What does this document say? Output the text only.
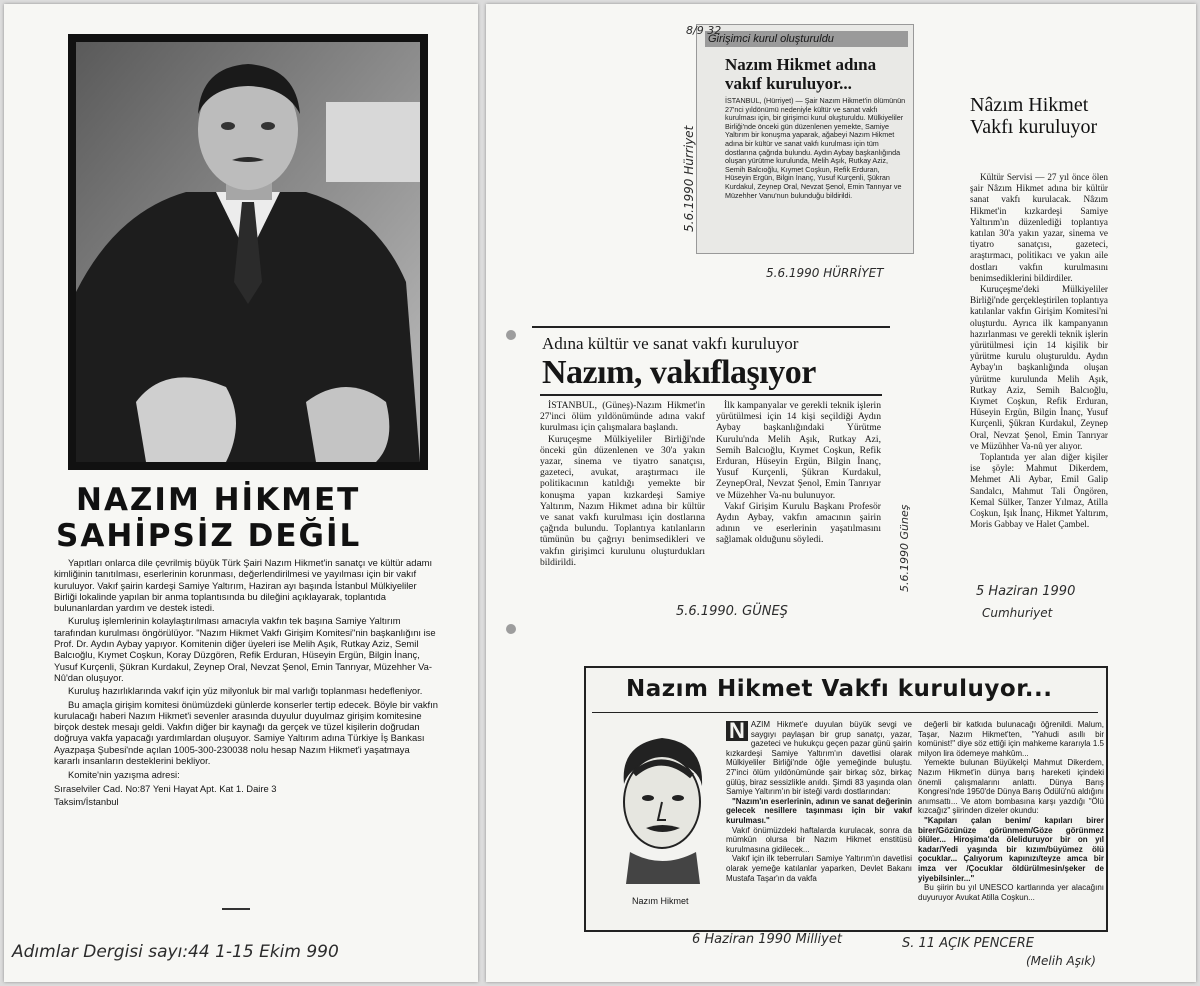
NAZIM HİKMET
SAHİPSİZ DEĞİL

Yapıtları onlarca dile çevrilmiş büyük Türk Şairi Nazım Hikmet'in sanatçı ve kültür adamı kimliğinin tanıtılması, eserlerinin korunması, değerlendirilmesi ve yayılması için bir vakıf kuruluyor. Vakıf şairin kardeşi Samiye Yaltırım, Haziran ayı başında İstanbul Mülkiyeliler Birliği lokalinde yapılan bir anma toplantısında bu dileğini açıklayarak, toplantıda bulunanlardan yardım ve destek istedi.

Kuruluş işlemlerinin kolaylaştırılması amacıyla vakfın tek başına Samiye Yaltırım tarafından kurulması öngörülüyor. "Nazım Hikmet Vakfı Girişim Komitesi"nin başkanlığını ise Prof. Dr. Aydın Aybay yapıyor. Komitenin diğer üyeleri ise Melih Aşık, Rutkay Aziz, Semil Balcıoğlu, Kıymet Coşkun, Koray Düzgören, Refik Erduran, Hüseyin Ergün, Bilgin İnanç, Yusuf Kurçenli, Şükran Kurdakul, Zeynep Oral, Nevzat Şenol, Emin Tanrıyar, Müzehher Va-Nû'dan oluşuyor.

Kuruluş hazırlıklarında vakıf için yüz milyonluk bir mal varlığı toplanması hedefleniyor.

Bu amaçla girişim komitesi önümüzdeki günlerde konserler tertip edecek. Böyle bir vakfın kurulacağı haberi Nazım Hikmet'i sevenler arasında duyulur duyulmaz girişim komitesine birçok destek mesajı geldi. Vakfın diğer bir kaynağı da gerçek ve tüzel kişilerin doğrudan doğruya vakfa yapacağı yardımlardan oluşuyor. Samiye Yaltırım adına Türkiye İş Bankası Ayazpaşa Şubesi'nde açılan 1005-300-230038 nolu hesap Nazım Hikmet'i yaşatmaya kararlı insanların desteklerini bekliyor.

Komite'nin yazışma adresi:

Sıraselviler Cad. No:87 Yeni Hayat Apt. Kat 1. Daire 3

Taksim/İstanbul

Adımlar Dergisi sayı:44 1-15 Ekim 990
Girişimci kurul oluşturuldu
Nazım Hikmet adına vakıf kuruluyor...
İSTANBUL, (Hürriyet) — Şair Nazım Hikmet'in ölümünün 27'nci yıldönümü nedeniyle kültür ve sanat vakfı kurulması için, bir girişimci kurul oluşturuldu. Mülkiyeliler Birliği'nde önceki gün düzenlenen yemekte, Samiye Yaltırım bir konuşma yaparak, ağabeyi Nazım Hikmet adına bir kültür ve sanat vakfı kurulması için tüm dostlarına çağrıda bulundu. Aydın Aybay başkanlığında oluşan yürütme kurulunda, Melih Aşık, Rutkay Aziz, Semih Balcıoğlu, Kıymet Coşkun, Refik Erduran, Hüseyin Ergün, Bilgin İnanç, Yusuf Kurçenli, Şükran Kurdakul, Zeynep Oral, Nevzat Şenol, Emin Tanrıyar ve Müzehher Vanu'nun bulunduğu bildirildi.
5.6.1990 Hürriyet
5.6.1990 HÜRRİYET
8/9 32
Nâzım Hikmet Vakfı kuruluyor

Kültür Servisi — 27 yıl önce ölen şair Nâzım Hikmet adına bir kültür sanat vakfı kurulacak. Nâzım Hikmet'in kızkardeşi Samiye Yaltırım'ın düzenlediği toplantıya katılan 30'a yakın yazar, sinema ve tiyatro sanatçısı, gazeteci, araştırmacı, politikacı ve yakın aile dostları vakfın kurulmasını benimsediklerini bildirdiler.

Kuruçeşme'deki Mülkiyeliler Birliği'nde gerçekleştirilen toplantıya katılanlar vakfın Girişim Komitesi'ni oluşturdu. Ayrıca ilk kampanyanın hazırlanması ve gerekli teknik işlerin yürütülmesi için 14 kişilik bir yürütme kurulu oluşturuldu. Aydın Aybay'ın başkanlığında oluşan yürütme kurulunda Melih Aşık, Rutkay Aziz, Semih Balcıoğlu, Kıymet Coşkun, Refik Erduran, Hüseyin Ergün, Bilgin İnanç, Yusuf Kurçenli, Şükran Kurdakul, Zeynep Oral, Nevzat Şenol, Emin Tanrıyar ve Müzühher Va-nû yer alıyor.

Toplantıda yer alan diğer kişiler ise şöyle: Mahmut Dikerdem, Mehmet Ali Aybar, Emil Galip Sandalcı, Mahmut Tali Öngören, Kemal Sülker, Tanzer Yılmaz, Atilla Coşkun, Işık İnanç, Hikmet Yaltırım, Moris Gabbay ve Halet Çambel.

5 Haziran 1990
Cumhuriyet
Adına kültür ve sanat vakfı kuruluyor
Nazım, vakıflaşıyor

İSTANBUL, (Güneş)-Nazım Hikmet'in 27'inci ölüm yıldönümünde adına vakıf kurulması için çalışmalara başlandı.

Kuruçeşme Mülkiyeliler Birliği'nde önceki gün düzenlenen ve 30'a yakın yazar, sinema ve tiyatro sanatçısı, gazeteci, avukat, araştırmacı ile politikacının katıldığı yemekte bir konuşma yapan kızkardeşi Samiye Yaltırım, Nazım Hikmet adına bir kültür ve sanat vakfı kurulması için dostlarına çağrıda bulundu. Toplantıya katılanların tümünün bu çağrıyı benimsedikleri ve vakfın girişimci kurulunu oluşturdukları bildirildi.

İlk kampanyalar ve gerekli teknik işlerin yürütülmesi için 14 kişi seçildiği Aydın Aybay başkanlığındaki Yürütme Kurulu'nda Melih Aşık, Rutkay Azi, Semih Balcıoğlu, Kıymet Coşkun, Refik Erduran, Hüseyin Ergün, Bilgin İnanç, Yusuf Kurçenli, Şükran Kurdakul, ZeynepOral, Nevzat Şenol, Emin Tanrıyar ve Müzehher Va-nu bulunuyor.

Vakıf Girişim Kurulu Başkanı Profesör Aydın Aybay, vakfın amacının şairin adının ve eserlerinin yaşatılmasını sağlamak olduğunu söyledi.

5.6.1990. GÜNEŞ
5.6.1990 Güneş
Nazım Hikmet Vakfı kuruluyor...
Nazım Hikmet

N AZIM Hikmet'e duyulan büyük sevgi ve saygıyı paylaşan bir grup sanatçı, yazar, gazeteci ve hukukçu geçen pazar günü şairin kızkardeşi Samiye Yaltırım'ın davetlisi olarak Mülkiyeliler Birliği'nde öğle yemeğinde buluştu. 27'inci ölüm yıldönümünde şair birkaç söz, birkaç gülüş, biraz sessizlikle anıldı. Şimdi 83 yaşında olan Samiye Yaltırım'ın bir isteği vardı dostlarından:

"Nazım'ın eserlerinin, adının ve sanat değerinin gelecek nesillere taşınması için bir vakıf kurulması."

Vakıf önümüzdeki haftalarda kurulacak, sonra da mümkün olursa bir Nazım Hikmet enstitüsü kurulmasına gidilecek...

Vakıf için ilk teberruları Samiye Yaltırım'ın davetlisi olarak yemeğe katılanlar yaparken, Devlet Bakanı Mustafa Taşar'ın da vakfa

değerli bir katkıda bulunacağı öğrenildi. Malum, Taşar, Nazım Hikmet'ten, "Yahudi asıllı bir komünist!" diye söz ettiği için mahkeme kararıyla 1.5 milyon lira ödemeye mahkûm...

Yemekte bulunan Büyükelçi Mahmut Dikerdem, Nazım Hikmet'in dünya barış hareketi içindeki önemli çalışmalarını anlattı. Dünya Barış Kongresi'nde 1950'de Dünya Barış Ödülü'nü aldığını anımsattı... Ve atom bombasına karşı yazdığı "Ölü kızcağız" şiirinden dizeler okundu:

"Kapıları çalan benim/ kapıları birer birer/Gözünüze görünmem/Göze görünmez ölüler... Hiroşima'da öleliduruyor bir on yıl kadar/Yedi yaşında bir kızım/büyümez ölü çocuklar... Çalıyorum kapınızı/teyze amca bir imza ver /Çocuklar öldürülmesin/şeker de yiyebilsinler..."

Bu şiirin bu yıl UNESCO kartlarında yer alacağını duyuruyor Avukat Atilla Coşkun...

6 Haziran 1990 Milliyet	S. 11 AÇIK PENCERE
(Melih Aşık)
